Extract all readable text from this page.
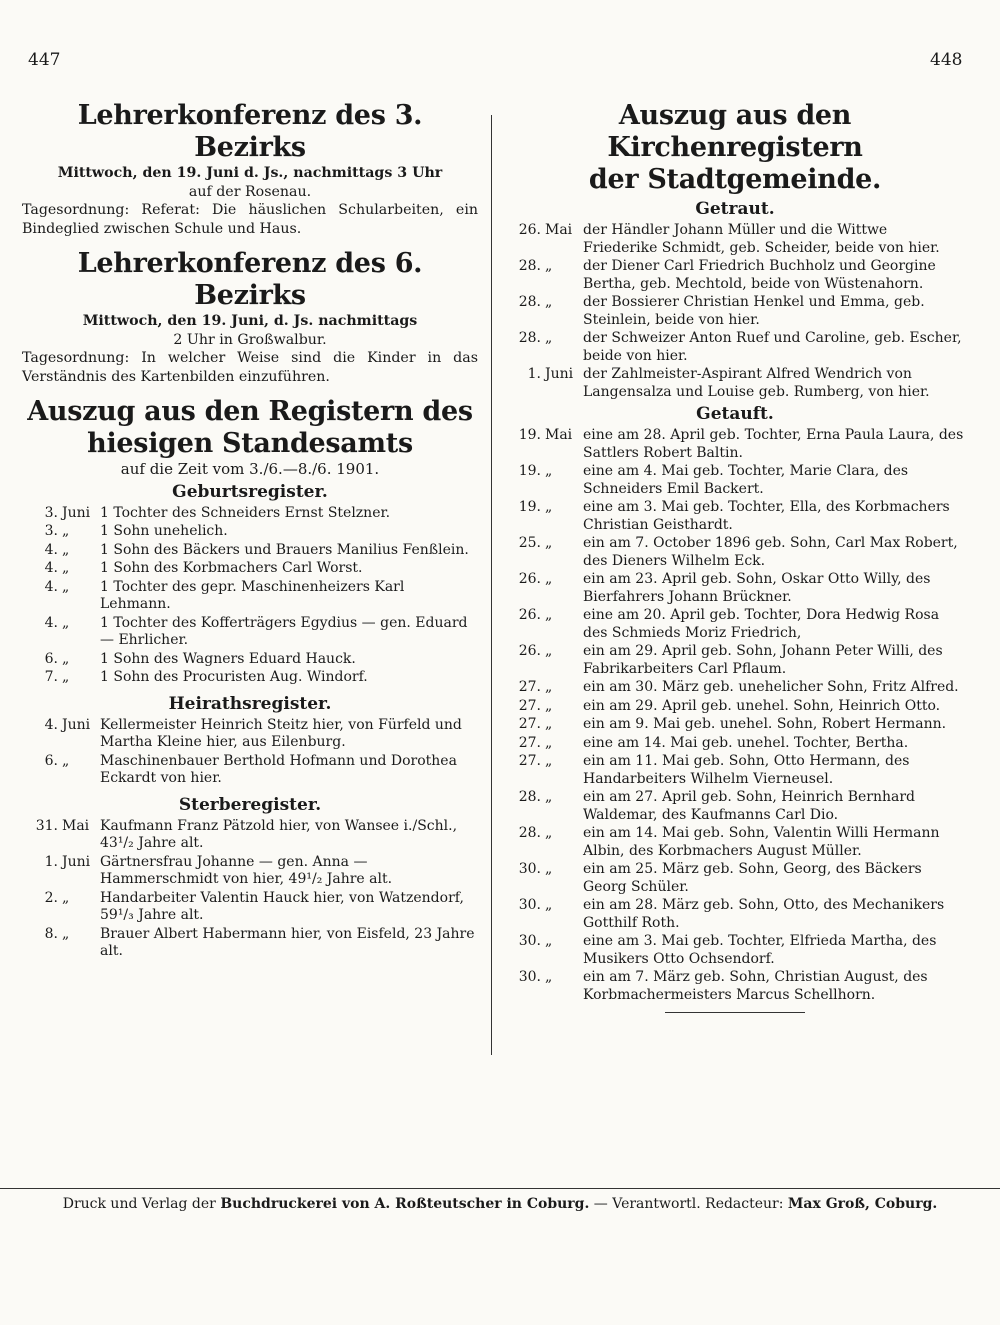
447	448
Lehrerkonferenz des 3. Bezirks
Mittwoch, den 19. Juni d. Js., nachmittags 3 Uhr
auf der Rosenau.
Tagesordnung: Referat: Die häuslichen Schularbeiten, ein Bindeglied zwischen Schule und Haus.
Lehrerkonferenz des 6. Bezirks
Mittwoch, den 19. Juni, d. Js. nachmittags
2 Uhr in Großwalbur.
Tagesordnung: In welcher Weise sind die Kinder in das Verständnis des Kartenbilden einzuführen.
Auszug aus den Registern des hiesigen Standesamts
auf die Zeit vom 3./6.—8./6. 1901.
Geburtsregister.
3. Juni 1 Tochter des Schneiders Ernst Stelzner.
3. „	1 Sohn unehelich.
4. „	1 Sohn des Bäckers und Brauers Manilius Fenßlein.
4. „	1 Sohn des Korbmachers Carl Worst.
4. „	1 Tochter des gepr. Maschinenheizers Karl Lehmann.
4. „	1 Tochter des Kofferträgers Egydius — gen. Eduard — Ehrlicher.
6. „	1 Sohn des Wagners Eduard Hauck.
7. „	1 Sohn des Procuristen Aug. Windorf.
Heirathsregister.
4. Juni Kellermeister Heinrich Steitz hier, von Fürfeld und Martha Kleine hier, aus Eilenburg.
6. „	Maschinenbauer Berthold Hofmann und Dorothea Eckardt von hier.
Sterberegister.
31. Mai Kaufmann Franz Pätzold hier, von Wansee i./Schl., 43¹/₂ Jahre alt.
1. Juni Gärtnersfrau Johanne — gen. Anna — Hammerschmidt von hier, 49¹/₂ Jahre alt.
2. „	Handarbeiter Valentin Hauck hier, von Watzendorf, 59¹/₃ Jahre alt.
8. „	Brauer Albert Habermann hier, von Eisfeld, 23 Jahre alt.
Auszug aus den Kirchenregistern
der Stadtgemeinde.
Getraut.
26. Mai der Händler Johann Müller und die Wittwe Friederike Schmidt, geb. Scheider, beide von hier.
28. „	der Diener Carl Friedrich Buchholz und Georgine Bertha, geb. Mechtold, beide von Wüstenahorn.
28. „	der Bossierer Christian Henkel und Emma, geb. Steinlein, beide von hier.
28. „	der Schweizer Anton Ruef und Caroline, geb. Escher, beide von hier.
1. Juni der Zahlmeister-Aspirant Alfred Wendrich von Langensalza und Louise geb. Rumberg, von hier.
Getauft.
19. Mai eine am 28. April geb. Tochter, Erna Paula Laura, des Sattlers Robert Baltin.
19. „	eine am 4. Mai geb. Tochter, Marie Clara, des Schneiders Emil Backert.
19. „	eine am 3. Mai geb. Tochter, Ella, des Korbmachers Christian Geisthardt.
25. „	ein am 7. October 1896 geb. Sohn, Carl Max Robert, des Dieners Wilhelm Eck.
26. „	ein am 23. April geb. Sohn, Oskar Otto Willy, des Bierfahrers Johann Brückner.
26. „	eine am 20. April geb. Tochter, Dora Hedwig Rosa des Schmieds Moriz Friedrich,
26. „	ein am 29. April geb. Sohn, Johann Peter Willi, des Fabrikarbeiters Carl Pflaum.
27. „	ein am 30. März geb. unehelicher Sohn, Fritz Alfred.
27. „	ein am 29. April geb. unehel. Sohn, Heinrich Otto.
27. „	ein am 9. Mai geb. unehel. Sohn, Robert Hermann.
27. „	eine am 14. Mai geb. unehel. Tochter, Bertha.
27. „	ein am 11. Mai geb. Sohn, Otto Hermann, des Handarbeiters Wilhelm Vierneusel.
28. „	ein am 27. April geb. Sohn, Heinrich Bernhard Waldemar, des Kaufmanns Carl Dio.
28. „	ein am 14. Mai geb. Sohn, Valentin Willi Hermann Albin, des Korbmachers August Müller.
30. „	ein am 25. März geb. Sohn, Georg, des Bäckers Georg Schüler.
30. „	ein am 28. März geb. Sohn, Otto, des Mechanikers Gotthilf Roth.
30. „	eine am 3. Mai geb. Tochter, Elfrieda Martha, des Musikers Otto Ochsendorf.
30. „	ein am 7. März geb. Sohn, Christian August, des Korbmachermeisters Marcus Schellhorn.
Druck und Verlag der Buchdruckerei von A. Roßteutscher in Coburg. — Verantwortl. Redacteur: Max Groß, Coburg.
